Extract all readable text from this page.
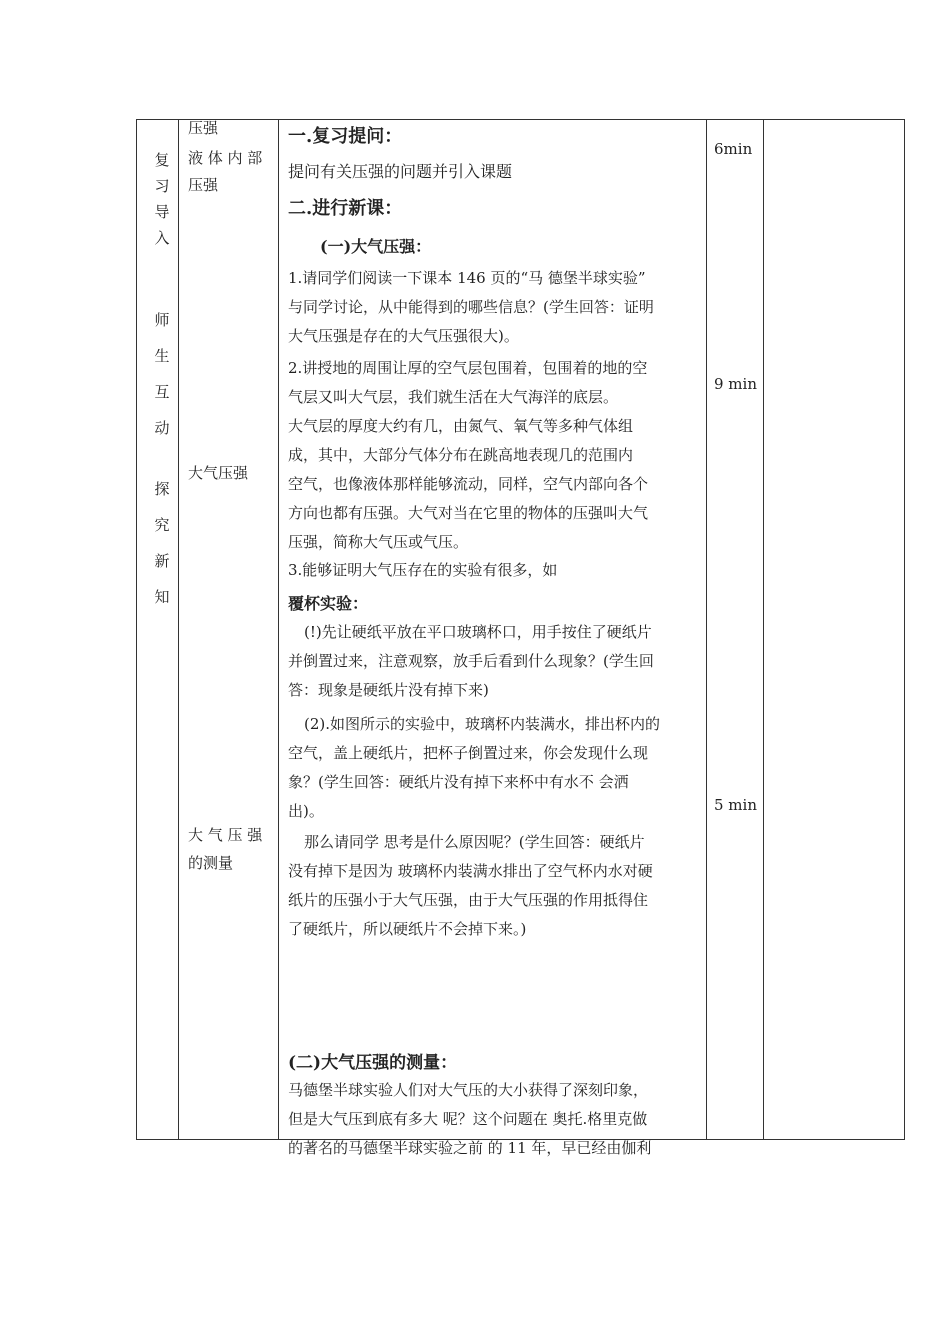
复
习
导
入
师
生
互
动
探
究
新
知
压强
液 体 内 部
压强
大气压强
大 气 压 强
的测量
一.复习提问：
提问有关压强的问题并引入课题
二.进行新课：
(一)大气压强：
1.请同学们阅读一下课本 146 页的“马 德堡半球实验”
与同学讨论，从中能得到的哪些信息？(学生回答：证明
大气压强是存在的大气压强很大)。
2.讲授地的周围让厚的空气层包围着，包围着的地的空
气层又叫大气层，我们就生活在大气海洋的底层。
大气层的厚度大约有几，由氮气、氧气等多种气体组
成，其中，大部分气体分布在跳高地表现几的范围内
空气，也像液体那样能够流动，同样，空气内部向各个
方向也都有压强。大气对当在它里的物体的压强叫大气
压强，简称大气压或气压。
3.能够证明大气压存在的实验有很多，如
覆杯实验：
(!)先让硬纸平放在平口玻璃杯口，用手按住了硬纸片
并倒置过来，注意观察，放手后看到什么现象？(学生回
答：现象是硬纸片没有掉下来)
(2).如图所示的实验中，玻璃杯内装满水，排出杯内的
空气，盖上硬纸片，把杯子倒置过来，你会发现什么现
象？(学生回答：硬纸片没有掉下来杯中有水不 会洒
出)。
那么请同学 思考是什么原因呢？(学生回答：硬纸片
没有掉下是因为 玻璃杯内装满水排出了空气杯内水对硬
纸片的压强小于大气压强，由于大气压强的作用抵得住
了硬纸片，所以硬纸片不会掉下来。)
(二)大气压强的测量：
马德堡半球实验人们对大气压的大小获得了深刻印象，
但是大气压到底有多大 呢？这个问题在 奥托.格里克做
的著名的马德堡半球实验之前 的 11 年，早已经由伽利
6min
9 min
5 min
